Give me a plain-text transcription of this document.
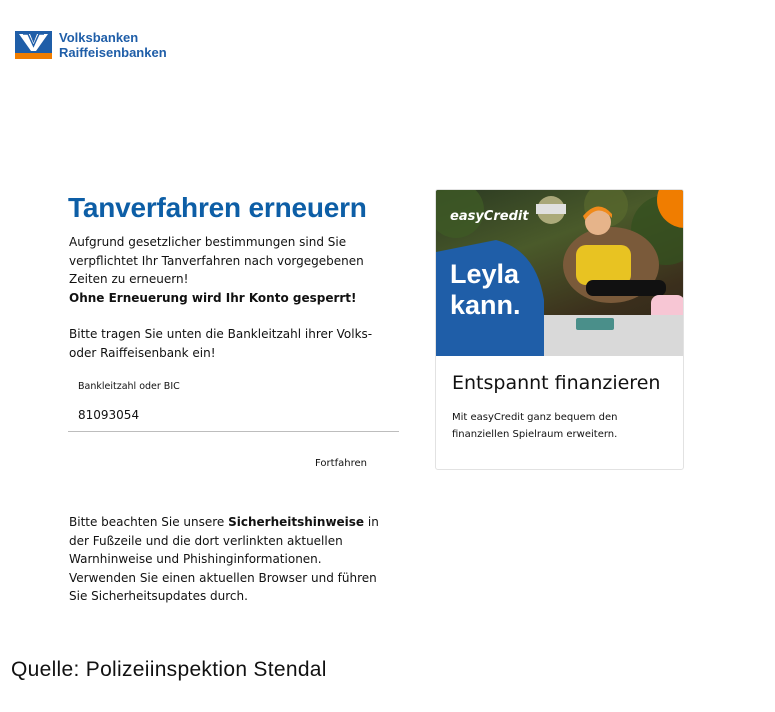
Volksbanken
Raiffeisenbanken
Tanverfahren erneuern
Aufgrund gesetzlicher bestimmungen sind Sie verpflichtet Ihr Tanverfahren nach vorgegebenen Zeiten zu erneuern!
Ohne Erneuerung wird Ihr Konto gesperrt!
Bitte tragen Sie unten die Bankleitzahl ihrer Volks- oder Raiffeisenbank ein!
Bankleitzahl oder BIC
81093054
Fortfahren
Bitte beachten Sie unsere Sicherheitshinweise in der Fußzeile und die dort verlinkten aktuellen Warnhinweise und Phishinginformationen. Verwenden Sie einen aktuellen Browser und führen Sie Sicherheitsupdates durch.
easyCredit
Leyla
kann.
Entspannt finanzieren
Mit easyCredit ganz bequem den finanziellen Spielraum erweitern.
Quelle: Polizeiinspektion Stendal
